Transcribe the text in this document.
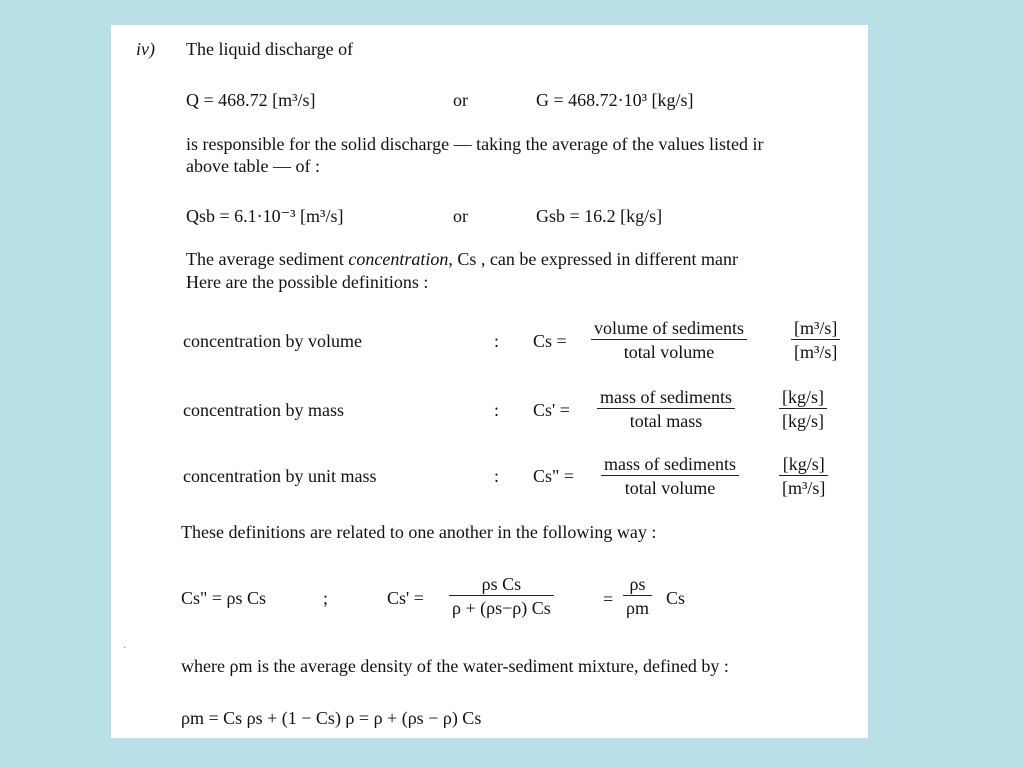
iv) The liquid discharge of
Q = 468.72 [m³/s]	or	G = 468.72·10³ [kg/s]
is responsible for the solid discharge — taking the average of the values listed ir
above table — of :
Qsb = 6.1·10⁻³ [m³/s]	or	Gsb = 16.2 [kg/s]
The average sediment concentration, Cs , can be expressed in different manr
Here are the possible definitions :
concentration by volume	: Cs =
volume of sediments
total volume	$\frac{\text{[m³/s]}}{\text{[m³/s]}}$
concentration by mass	: Cs' =
mass of sediments
total mass	$\frac{[kg/s]}{[kg/s]}$
concentration by unit mass	: Cs" =
mass of sediments
total volume	$\frac{[kg/s]}{\text{[m³/s]}}$
These definitions are related to one another in the following way :
Cs" = ρs Cs	;	$Cs' = \frac{\text{ρs Cs}}{\rho + (\rho s-\rho) Cs}$	= $\frac{\rho s}{\rho m}$ Cs
·
where ρm is the average density of the water-sediment mixture, defined by :
ρm = Cs ρs + (1 − Cs) ρ = ρ + (ρs − ρ) Cs
